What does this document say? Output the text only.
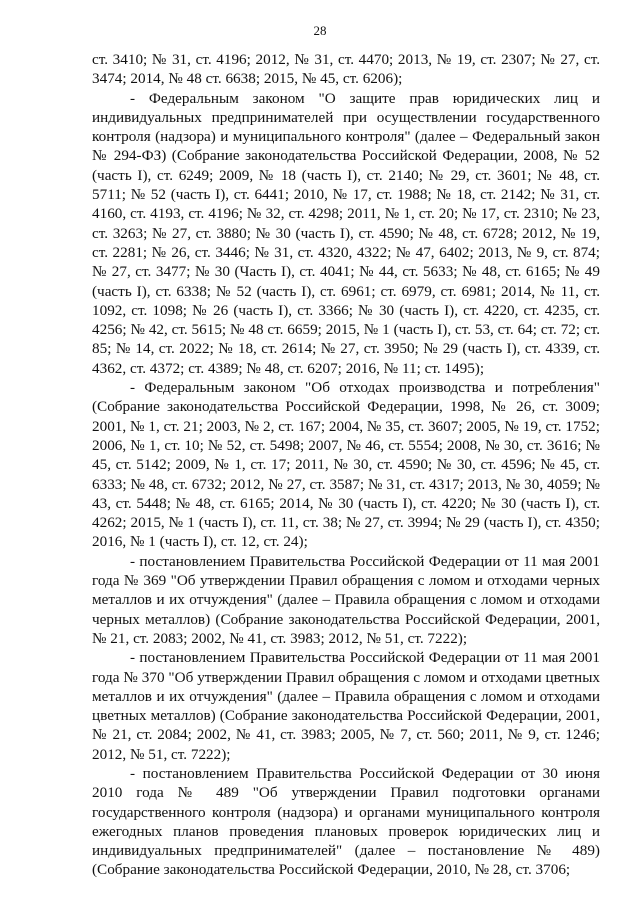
28

ст. 3410; № 31, ст. 4196; 2012, № 31, ст. 4470; 2013, № 19, ст. 2307; № 27, ст. 3474; 2014, № 48 ст. 6638; 2015, № 45, ст. 6206);

- Федеральным законом "О защите прав юридических лиц и индивидуальных предпринимателей при осуществлении государственного контроля (надзора) и муниципального контроля" (далее – Федеральный закон № 294-ФЗ) (Собрание законодательства Российской Федерации, 2008, № 52 (часть I), ст. 6249; 2009, № 18 (часть I), ст. 2140; № 29, ст. 3601; № 48, ст. 5711; № 52 (часть I), ст. 6441; 2010, № 17, ст. 1988; № 18, ст. 2142; № 31, ст. 4160, ст. 4193, ст. 4196; № 32, ст. 4298; 2011, № 1, ст. 20; № 17, ст. 2310; № 23, ст. 3263; № 27, ст. 3880; № 30 (часть I), ст. 4590; № 48, ст. 6728; 2012, № 19, ст. 2281; № 26, ст. 3446; № 31, ст. 4320, 4322; № 47, 6402; 2013, № 9, ст. 874; № 27, ст. 3477; № 30 (Часть I), ст. 4041; № 44, ст. 5633; № 48, ст. 6165; № 49 (часть I), ст. 6338; № 52 (часть I), ст. 6961; ст. 6979, ст. 6981; 2014, № 11, ст. 1092, ст. 1098; № 26 (часть I), ст. 3366; № 30 (часть I), ст. 4220, ст. 4235, ст. 4256; № 42, ст. 5615; № 48 ст. 6659; 2015, № 1 (часть I), ст. 53, ст. 64; ст. 72; ст. 85; № 14, ст. 2022; № 18, ст. 2614; № 27, ст. 3950; № 29 (часть I), ст. 4339, ст. 4362, ст. 4372; ст. 4389; № 48, ст. 6207; 2016, № 11; ст. 1495);

- Федеральным законом "Об отходах производства и потребления" (Собрание законодательства Российской Федерации, 1998, № 26, ст. 3009; 2001, № 1, ст. 21; 2003, № 2, ст. 167; 2004, № 35, ст. 3607; 2005, № 19, ст. 1752; 2006, № 1, ст. 10; № 52, ст. 5498; 2007, № 46, ст. 5554; 2008, № 30, ст. 3616; № 45, ст. 5142; 2009, № 1, ст. 17; 2011, № 30, ст. 4590; № 30, ст. 4596; № 45, ст. 6333; № 48, ст. 6732; 2012, № 27, ст. 3587; № 31, ст. 4317; 2013, № 30, 4059; № 43, ст. 5448; № 48, ст. 6165; 2014, № 30 (часть I), ст. 4220; № 30 (часть I), ст. 4262; 2015, № 1 (часть I), ст. 11, ст. 38; № 27, ст. 3994; № 29 (часть I), ст. 4350; 2016, № 1 (часть I), ст. 12, ст. 24);

- постановлением Правительства Российской Федерации от 11 мая 2001 года № 369 "Об утверждении Правил обращения с ломом и отходами черных металлов и их отчуждения" (далее – Правила обращения с ломом и отходами черных металлов) (Собрание законодательства Российской Федерации, 2001, № 21, ст. 2083; 2002, № 41, ст. 3983; 2012, № 51, ст. 7222);

- постановлением Правительства Российской Федерации от 11 мая 2001 года № 370 "Об утверждении Правил обращения с ломом и отходами цветных металлов и их отчуждения" (далее – Правила обращения с ломом и отходами цветных металлов) (Собрание законодательства Российской Федерации, 2001, № 21, ст. 2084; 2002, № 41, ст. 3983; 2005, № 7, ст. 560; 2011, № 9, ст. 1246; 2012, № 51, ст. 7222);

- постановлением Правительства Российской Федерации от 30 июня 2010 года № 489 "Об утверждении Правил подготовки органами государственного контроля (надзора) и органами муниципального контроля ежегодных планов проведения плановых проверок юридических лиц и индивидуальных предпринимателей" (далее – постановление № 489) (Собрание законодательства Российской Федерации, 2010, № 28, ст. 3706;
